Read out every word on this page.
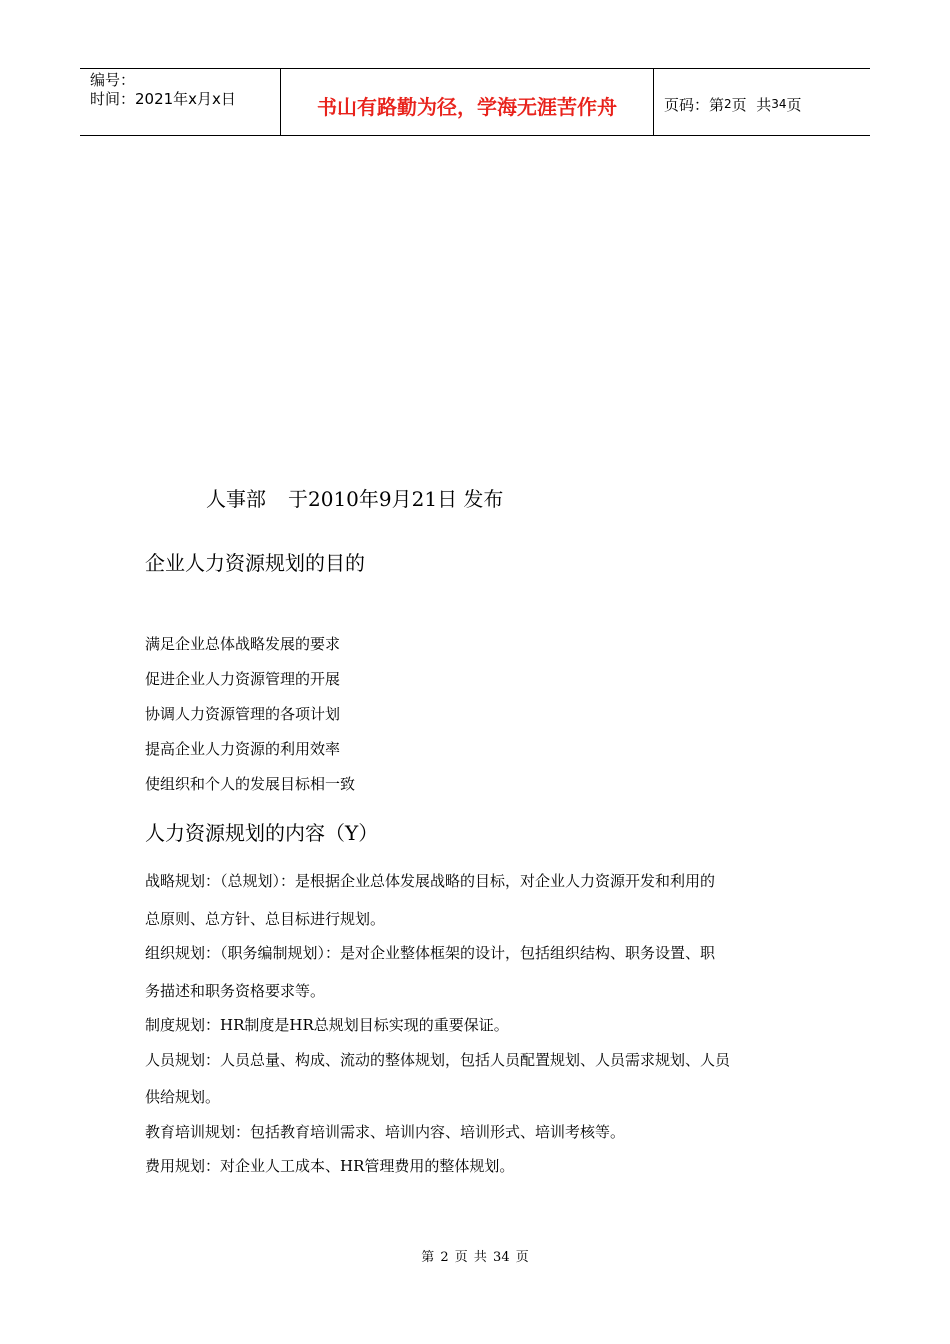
编号：
时间：2021年x月x日	书山有路勤为径，学海无涯苦作舟	页码：第 2 页  共 34 页
人事部 于2010年9月21日 发布
企业人力资源规划的目的
满足企业总体战略发展的要求
促进企业人力资源管理的开展
协调人力资源管理的各项计划
提高企业人力资源的利用效率
使组织和个人的发展目标相一致
人力资源规划的内容（Y）
战略规划：（总规划）：是根据企业总体发展战略的目标，对企业人力资源开发和利用的
总原则、总方针、总目标进行规划。
组织规划：（职务编制规划）：是对企业整体框架的设计，包括组织结构、职务设置、职
务描述和职务资格要求等。
制度规划：HR制度是HR总规划目标实现的重要保证。
人员规划：人员总量、构成、流动的整体规划，包括人员配置规划、人员需求规划、人员
供给规划。
教育培训规划：包括教育培训需求、培训内容、培训形式、培训考核等。
费用规划：对企业人工成本、HR管理费用的整体规划。
第 2 页 共 34 页
